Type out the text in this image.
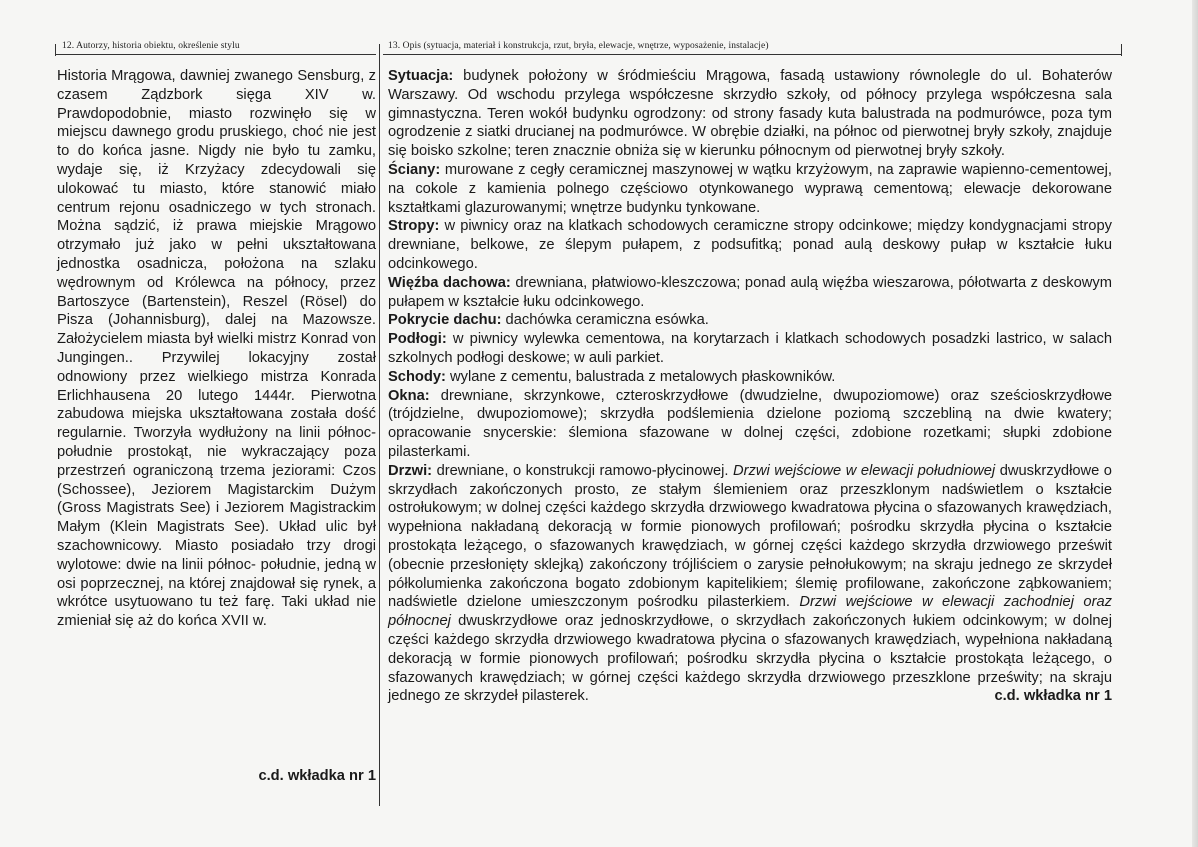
12. Autorzy, historia obiektu, określenie stylu	13. Opis (sytuacja, materiał i konstrukcja, rzut, bryła, elewacje, wnętrze, wyposażenie, instalacje)

Historia Mrągowa, dawniej zwanego Sensburg, z czasem Ządzbork sięga XIV w. Prawdopodobnie, miasto rozwinęło się w miejscu dawnego grodu pruskiego, choć nie jest to do końca jasne. Nigdy nie było tu zamku, wydaje się, iż Krzyżacy zdecydowali się ulokować tu miasto, które stanowić miało centrum rejonu osadniczego w tych stronach. Można sądzić, iż prawa miejskie Mrągowo otrzymało już jako w pełni ukształtowana jednostka osadnicza, położona na szlaku wędrownym od Królewca na północy, przez Bartoszyce (Bartenstein), Reszel (Rösel) do Pisza (Johannisburg), dalej na Mazowsze. Założycielem miasta był wielki mistrz Konrad von Jungingen.. Przywilej lokacyjny został odnowiony przez wielkiego mistrza Konrada Erlichhausena 20 lutego 1444r. Pierwotna zabudowa miejska ukształtowana została dość regularnie. Tworzyła wydłużony na linii północ-południe prostokąt, nie wykraczający poza przestrzeń ograniczoną trzema jeziorami: Czos (Schossee), Jeziorem Magistarckim Dużym (Gross Magistrats See) i Jeziorem Magistrackim Małym (Klein Magistrats See). Układ ulic był szachownicowy. Miasto posiadało trzy drogi wylotowe: dwie na linii północ- południe, jedną w osi poprzecznej, na której znajdował się rynek, a wkrótce usytuowano tu też farę. Taki układ nie zmieniał się aż do końca XVII w.

c.d. wkładka nr 1

Sytuacja: budynek położony w śródmieściu Mrągowa, fasadą ustawiony równolegle do ul. Bohaterów Warszawy. Od wschodu przylega współczesne skrzydło szkoły, od północy przylega współczesna sala gimnastyczna. Teren wokół budynku ogrodzony: od strony fasady kuta balustrada na podmurówce, poza tym ogrodzenie z siatki drucianej na podmurówce. W obrębie działki, na północ od pierwotnej bryły szkoły, znajduje się boisko szkolne; teren znacznie obniża się w kierunku północnym od pierwotnej bryły szkoły.

Ściany: murowane z cegły ceramicznej maszynowej w wątku krzyżowym, na zaprawie wapienno-cementowej, na cokole z kamienia polnego częściowo otynkowanego wyprawą cementową; elewacje dekorowane kształtkami glazurowanymi; wnętrze budynku tynkowane.

Stropy: w piwnicy oraz na klatkach schodowych ceramiczne stropy odcinkowe; między kondygnacjami stropy drewniane, belkowe, ze ślepym pułapem, z podsufitką; ponad aulą deskowy pułap w kształcie łuku odcinkowego.

Więźba dachowa: drewniana, płatwiowo-kleszczowa; ponad aulą więźba wieszarowa, półotwarta z deskowym pułapem w kształcie łuku odcinkowego.

Pokrycie dachu: dachówka ceramiczna esówka.

Podłogi: w piwnicy wylewka cementowa, na korytarzach i klatkach schodowych posadzki lastrico, w salach szkolnych podłogi deskowe; w auli parkiet.

Schody: wylane z cementu, balustrada z metalowych płaskowników.

Okna: drewniane, skrzynkowe, czteroskrzydłowe (dwudzielne, dwupoziomowe) oraz sześcioskrzydłowe (trójdzielne, dwupoziomowe); skrzydła podślemienia dzielone poziomą szczebliną na dwie kwatery; opracowanie snycerskie: ślemiona sfazowane w dolnej części, zdobione rozetkami; słupki zdobione pilasterkami.

Drzwi: drewniane, o konstrukcji ramowo-płycinowej. Drzwi wejściowe w elewacji południowej dwuskrzydłowe o skrzydłach zakończonych prosto, ze stałym ślemieniem oraz przeszklonym nadświetlem o kształcie ostrołukowym; w dolnej części każdego skrzydła drzwiowego kwadratowa płycina o sfazowanych krawędziach, wypełniona nakładaną dekoracją w formie pionowych profilowań; pośrodku skrzydła płycina o kształcie prostokąta leżącego, o sfazowanych krawędziach, w górnej części każdego skrzydła drzwiowego prześwit (obecnie przesłonięty sklejką) zakończony trójliściem o zarysie pełnołukowym; na skraju jednego ze skrzydeł półkolumienka zakończona bogato zdobionym kapitelikiem; ślemię profilowane, zakończone ząbkowaniem; nadświetle dzielone umieszczonym pośrodku pilasterkiem. Drzwi wejściowe w elewacji zachodniej oraz północnej dwuskrzydłowe oraz jednoskrzydłowe, o skrzydłach zakończonych łukiem odcinkowym; w dolnej części każdego skrzydła drzwiowego kwadratowa płycina o sfazowanych krawędziach, wypełniona nakładaną dekoracją w formie pionowych profilowań; pośrodku skrzydła płycina o kształcie prostokąta leżącego, o sfazowanych krawędziach; w górnej części każdego skrzydła drzwiowego przeszklone prześwity; na skraju jednego ze skrzydeł pilasterek.	c.d. wkładka nr 1
